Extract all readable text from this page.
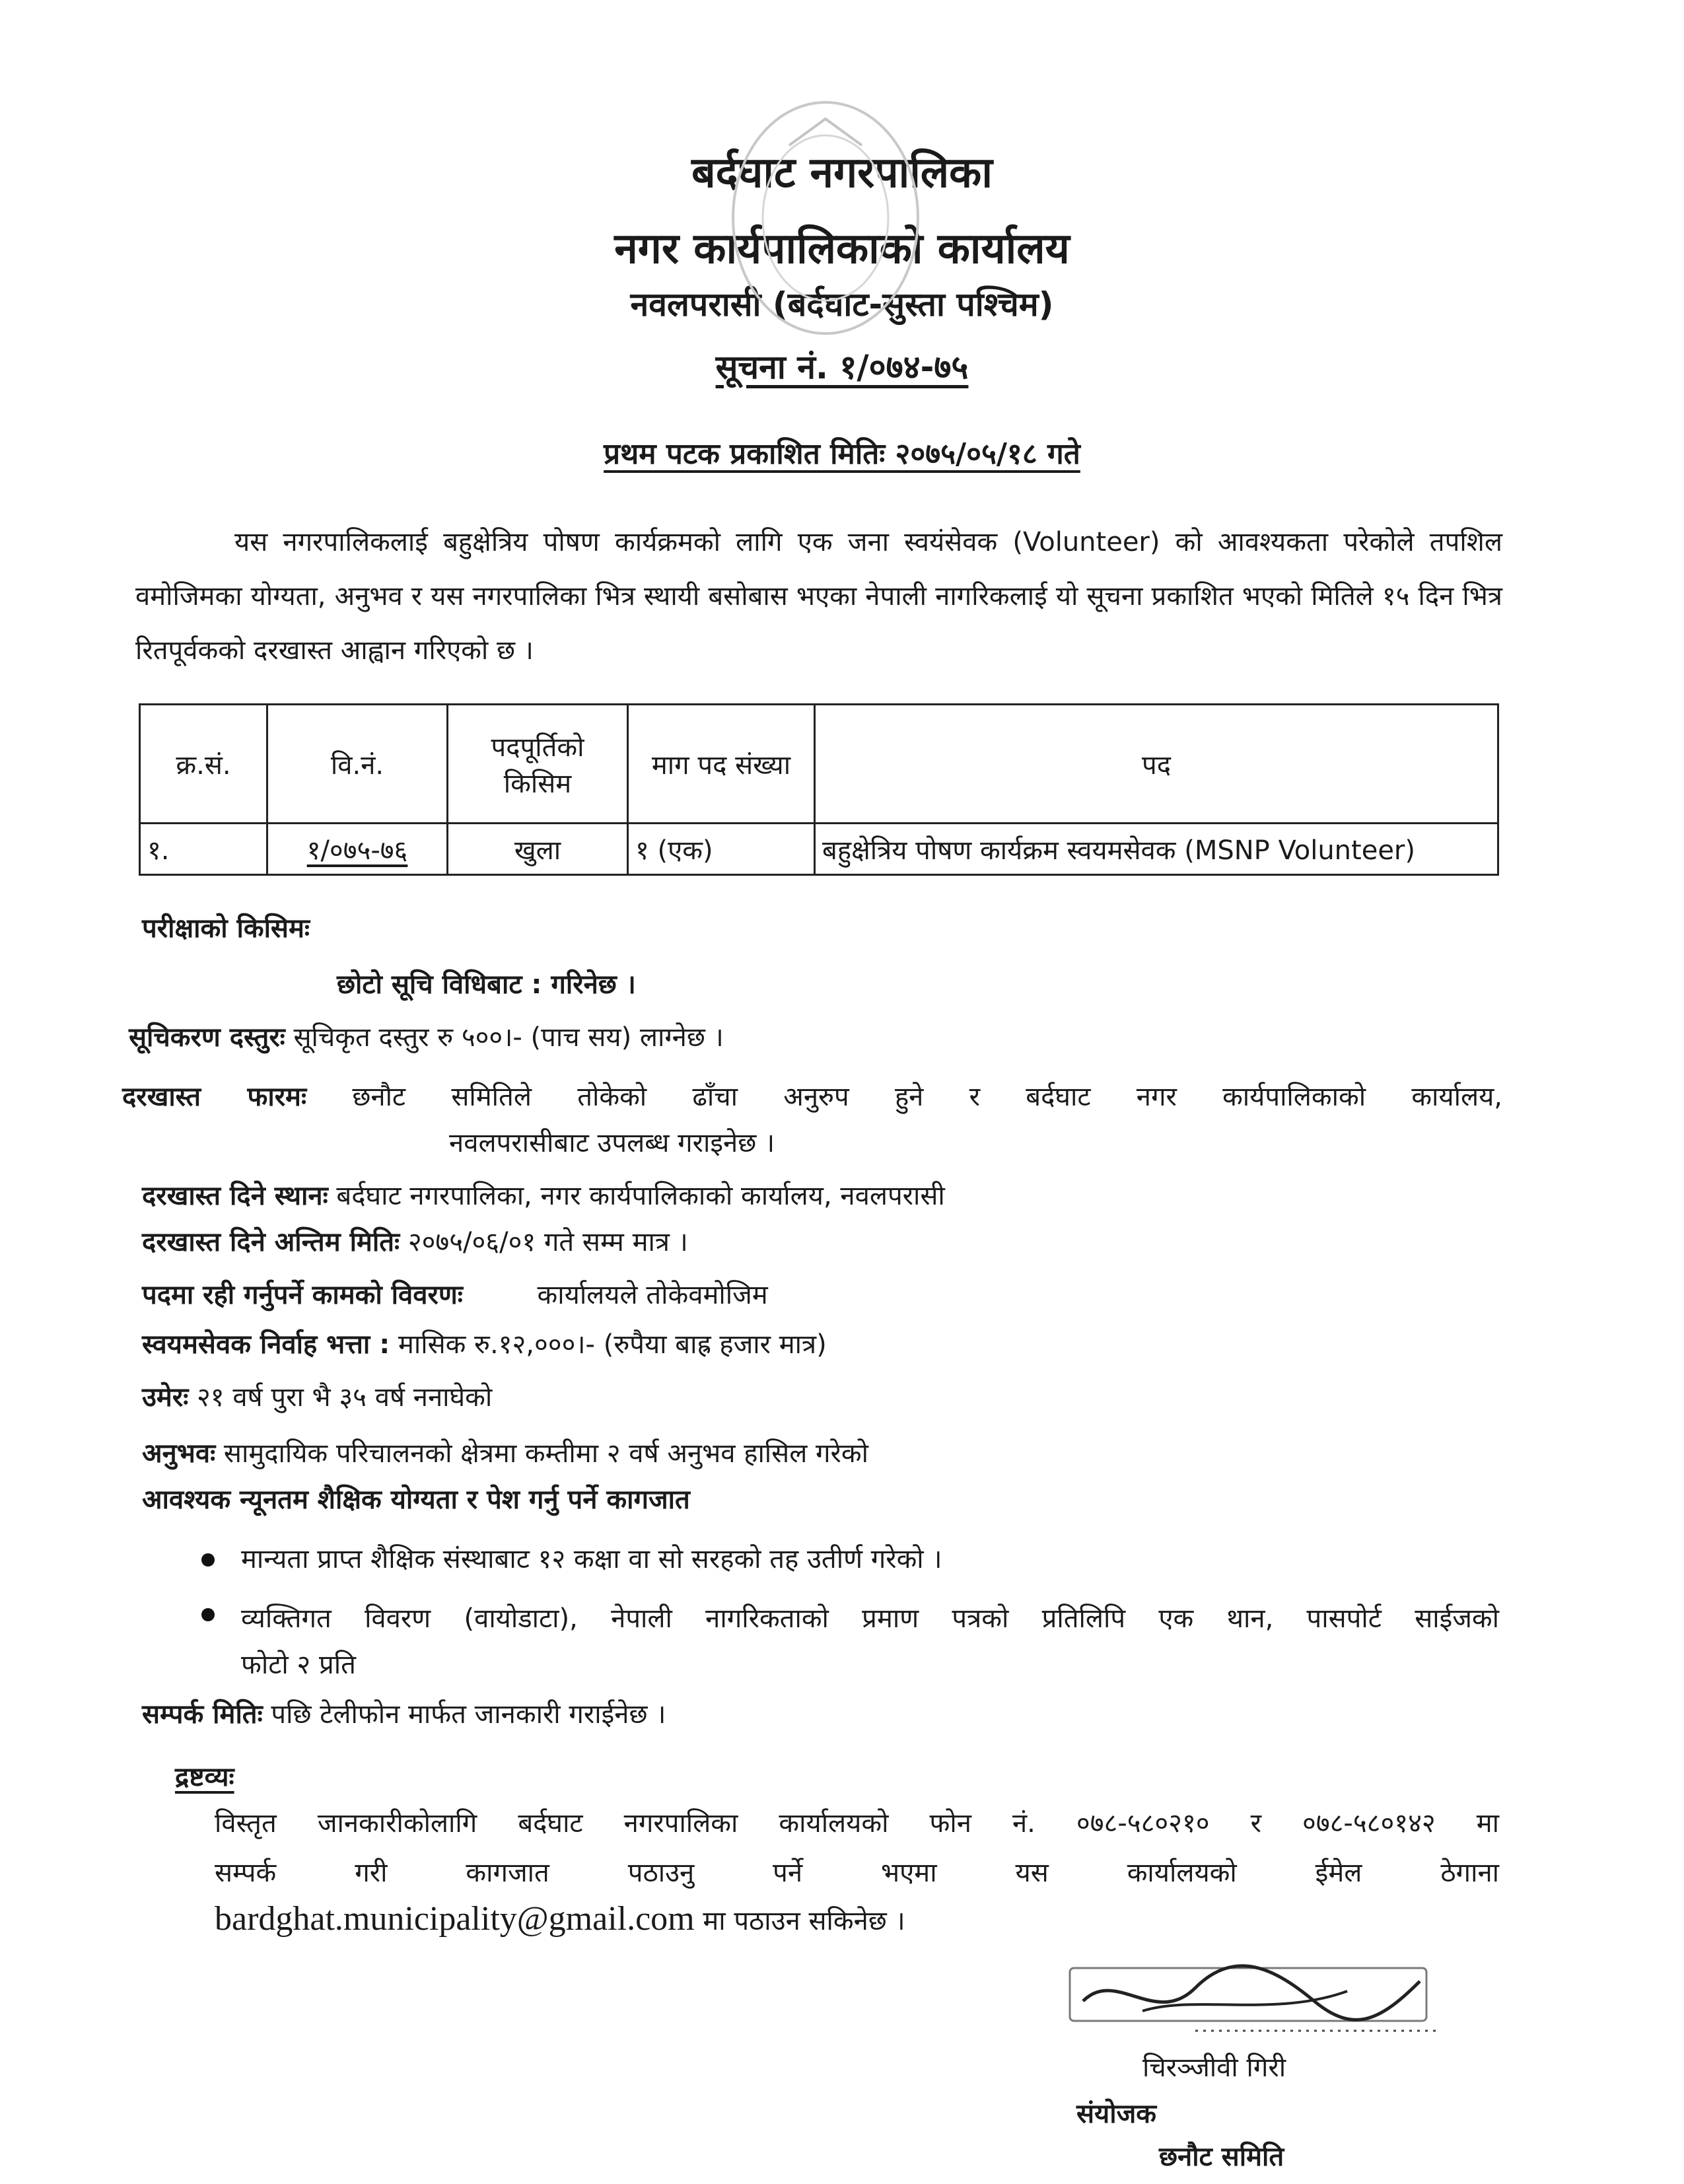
बर्दघाट नगरपालिका
नगर कार्यपालिकाको कार्यालय
नवलपरासी (बर्दघाट-सुस्ता पश्चिम)
सूचना नं. १/०७४-७५
प्रथम पटक प्रकाशित मितिः २०७५/०५/१८ गते
यस नगरपालिकलाई बहुक्षेत्रिय पोषण कार्यक्रमको लागि एक जना स्वयंसेवक (Volunteer) को आवश्यकता परेकोले तपशिल वमोजिमका योग्यता, अनुभव र यस नगरपालिका भित्र स्थायी बसोबास भएका नेपाली नागरिकलाई यो सूचना प्रकाशित भएको मितिले १५ दिन भित्र रितपूर्वकको दरखास्त आह्वान गरिएको छ ।
क्र.सं.	वि.नं.	पदपूर्तिको किसिम	माग पद संख्या	पद
१.	१/०७५-७६	खुला	१ (एक)	बहुक्षेत्रिय पोषण कार्यक्रम स्वयमसेवक (MSNP Volunteer)
परीक्षाको किसिमः
छोटो सूचि विधिबाट : गरिनेछ ।
सूचिकरण दस्तुरः सूचिकृत दस्तुर रु ५००।- (पाच सय) लाग्नेछ ।
दरखास्त फारमः छनौट समितिले तोकेको ढाँचा अनुरुप हुने र बर्दघाट नगर कार्यपालिकाको कार्यालय,
नवलपरासीबाट उपलब्ध गराइनेछ ।
दरखास्त दिने स्थानः बर्दघाट नगरपालिका, नगर कार्यपालिकाको कार्यालय, नवलपरासी
दरखास्त दिने अन्तिम मितिः २०७५/०६/०१ गते सम्म मात्र ।
पदमा रही गर्नुपर्ने कामको विवरणः	कार्यालयले तोकेवमोजिम
स्वयमसेवक निर्वाह भत्ता : मासिक रु.१२,०००।- (रुपैया बाह्र हजार मात्र)
उमेरः २१ वर्ष पुरा भै ३५ वर्ष ननाघेको
अनुभवः सामुदायिक परिचालनको क्षेत्रमा कम्तीमा २ वर्ष अनुभव हासिल गरेको
आवश्यक न्यूनतम शैक्षिक योग्यता र पेश गर्नु पर्ने कागजात
मान्यता प्राप्त शैक्षिक संस्थाबाट १२ कक्षा वा सो सरहको तह उतीर्ण गरेको ।
व्यक्तिगत विवरण (वायोडाटा), नेपाली नागरिकताको प्रमाण पत्रको प्रतिलिपि एक थान, पासपोर्ट साईजको
फोटो २ प्रति
सम्पर्क मितिः पछि टेलीफोन मार्फत जानकारी गराईनेछ ।
द्रष्टव्यः
विस्तृत जानकारीकोलागि बर्दघाट नगरपालिका कार्यालयको फोन नं. ०७८-५८०२१० र ०७८-५८०१४२ मा
सम्पर्क गरी कागजात पठाउनु पर्ने भएमा यस कार्यालयको ईमेल ठेगाना
bardghat.municipality@gmail.com मा पठाउन सकिनेछ ।
चिरञ्जीवी गिरी
संयोजक
छनौट समिति
